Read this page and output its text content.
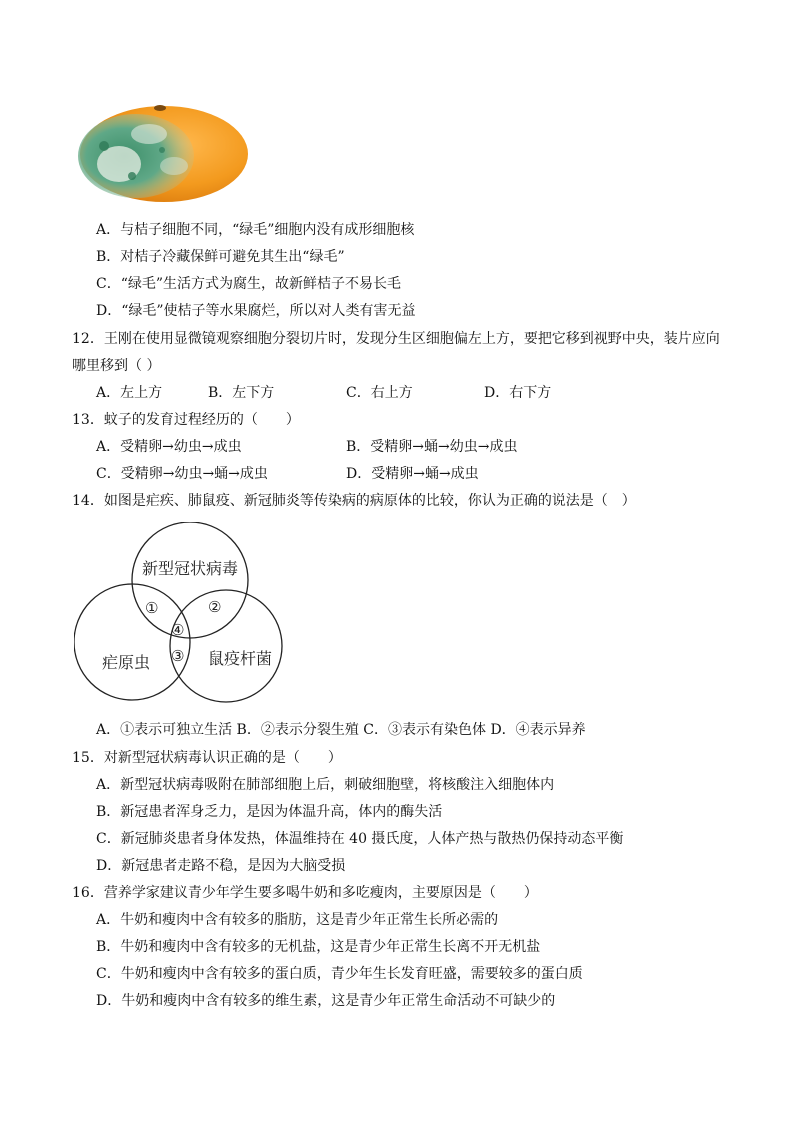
A．与桔子细胞不同，“绿毛”细胞内没有成形细胞核
B．对桔子冷藏保鲜可避免其生出“绿毛”
C．“绿毛”生活方式为腐生，故新鲜桔子不易长毛
D．“绿毛”使桔子等水果腐烂，所以对人类有害无益
12．王刚在使用显微镜观察细胞分裂切片时，发现分生区细胞偏左上方，要把它移到视野中央，装片应向
哪里移到（ ）
A．左上方	B．左下方	C．右上方	D．右下方
13．蚊子的发育过程经历的（　　）
A．受精卵→幼虫→成虫	B．受精卵→蛹→幼虫→成虫
C．受精卵→幼虫→蛹→成虫	D．受精卵→蛹→成虫
14．如图是疟疾、肺鼠疫、新冠肺炎等传染病的病原体的比较，你认为正确的说法是（　）
新型冠状病毒
疟原虫	鼠疫杆菌
①	②
④
③
A．①表示可独立生活 B．②表示分裂生殖 C．③表示有染色体 D．④表示异养
15．对新型冠状病毒认识正确的是（　　）
A．新型冠状病毒吸附在肺部细胞上后，刺破细胞壁，将核酸注入细胞体内
B．新冠患者浑身乏力，是因为体温升高，体内的酶失活
C．新冠肺炎患者身体发热，体温维持在 40 摄氏度，人体产热与散热仍保持动态平衡
D．新冠患者走路不稳，是因为大脑受损
16．营养学家建议青少年学生要多喝牛奶和多吃瘦肉，主要原因是（　　）
A．牛奶和瘦肉中含有较多的脂肪，这是青少年正常生长所必需的
B．牛奶和瘦肉中含有较多的无机盐，这是青少年正常生长离不开无机盐
C．牛奶和瘦肉中含有较多的蛋白质，青少年生长发育旺盛，需要较多的蛋白质
D．牛奶和瘦肉中含有较多的维生素，这是青少年正常生命活动不可缺少的
